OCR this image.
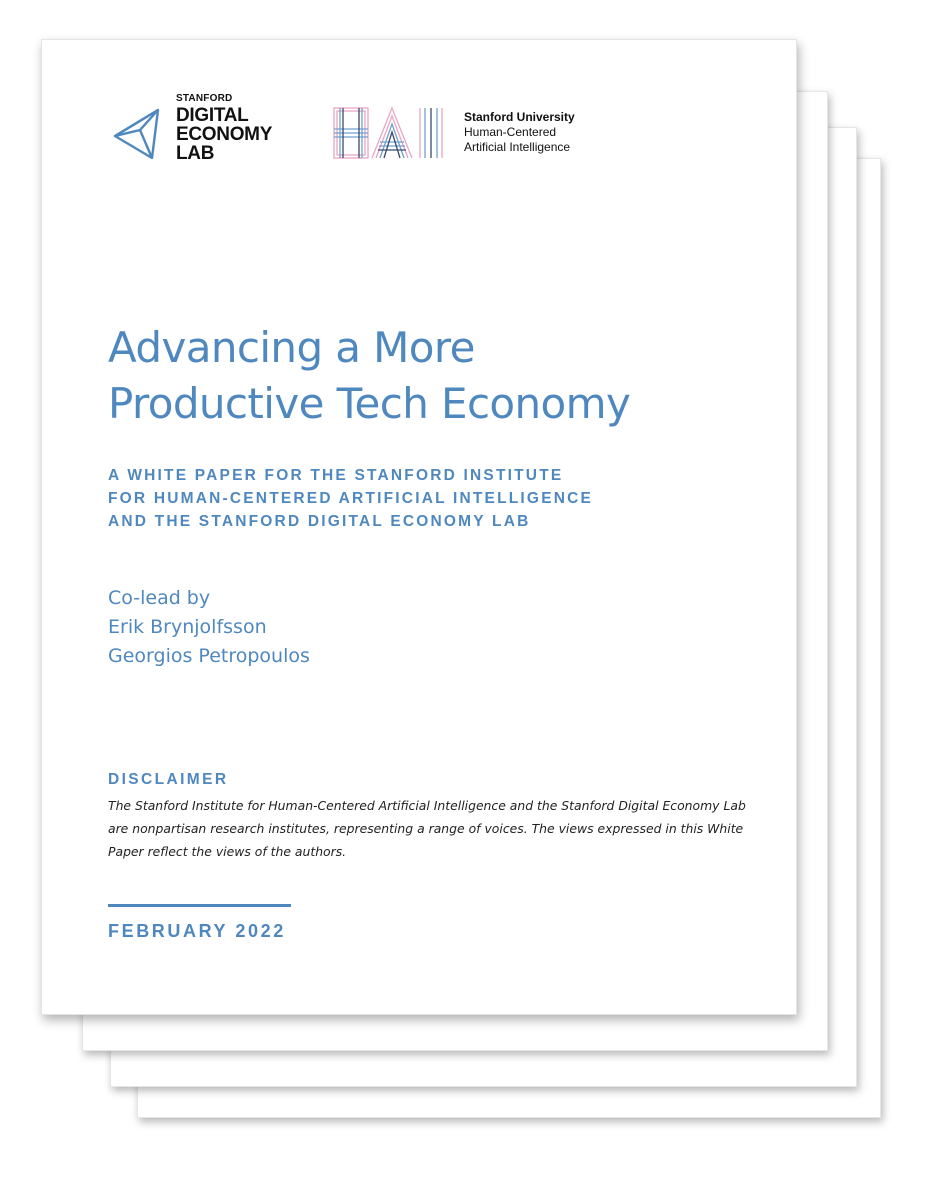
STANFORD
DIGITAL
ECONOMY
LAB
Stanford University
Human-Centered
Artificial Intelligence
Advancing a More
Productive Tech Economy
A WHITE PAPER FOR THE STANFORD INSTITUTE
FOR HUMAN-CENTERED ARTIFICIAL INTELLIGENCE
AND THE STANFORD DIGITAL ECONOMY LAB
Co-lead by
Erik Brynjolfsson
Georgios Petropoulos
DISCLAIMER
The Stanford Institute for Human-Centered Artificial Intelligence and the Stanford Digital Economy Lab
are nonpartisan research institutes, representing a range of voices. The views expressed in this White
Paper reflect the views of the authors.
FEBRUARY 2022
